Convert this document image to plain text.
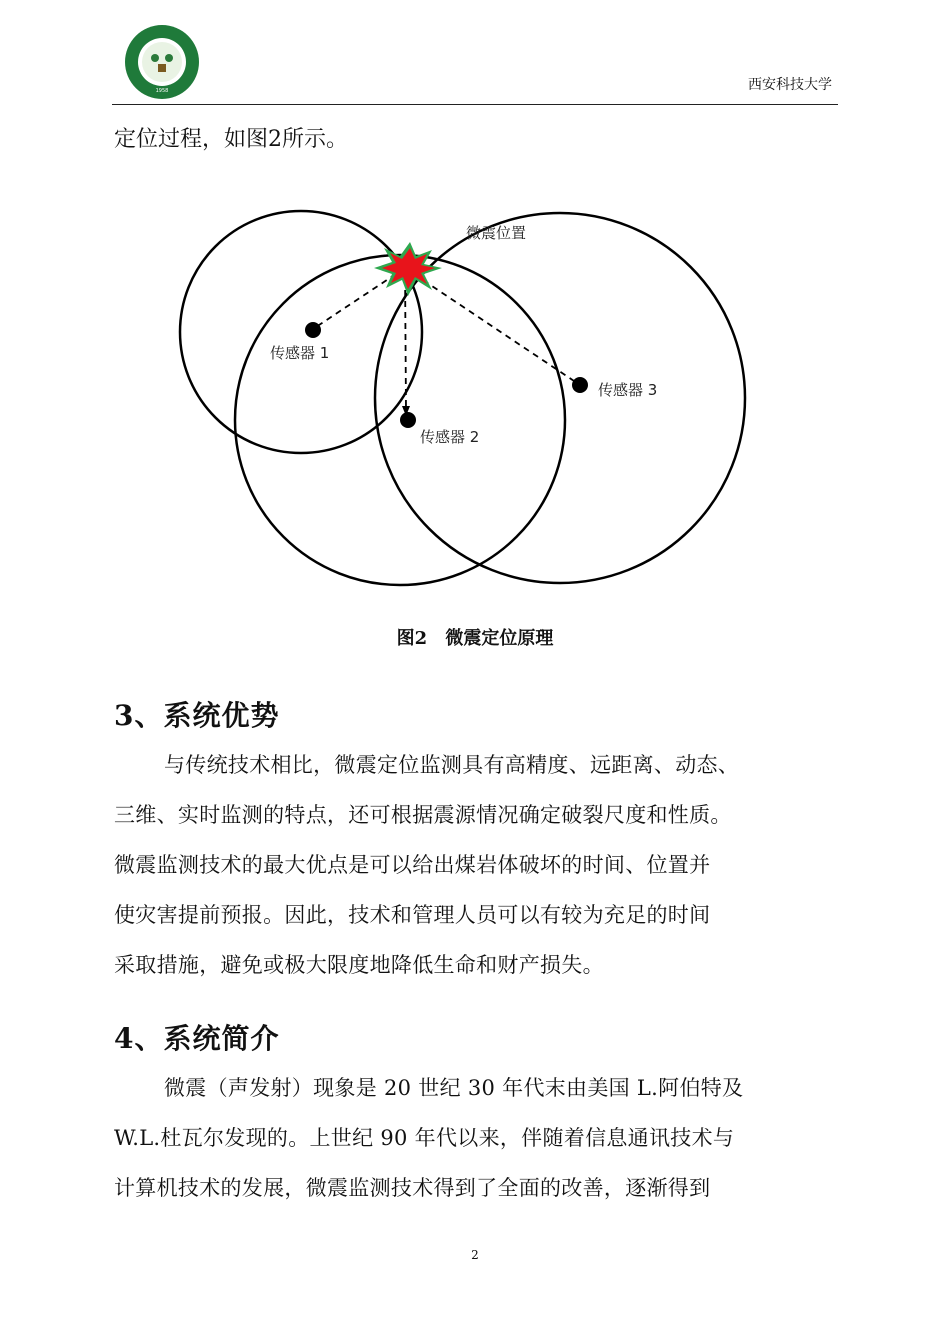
1958	西安科技大学

定位过程，如图2所示。

微震位置
传感器 1
传感器 2
传感器 3
图2 微震定位原理
3、系统优势
与传统技术相比，微震定位监测具有高精度、远距离、动态、
三维、实时监测的特点，还可根据震源情况确定破裂尺度和性质。
微震监测技术的最大优点是可以给出煤岩体破坏的时间、位置并
使灾害提前预报。因此，技术和管理人员可以有较为充足的时间
采取措施，避免或极大限度地降低生命和财产损失。
4、系统简介
微震（声发射）现象是 20 世纪 30 年代末由美国 L.阿伯特及
W.L.杜瓦尔发现的。上世纪 90 年代以来，伴随着信息通讯技术与
计算机技术的发展，微震监测技术得到了全面的改善，逐渐得到
2
